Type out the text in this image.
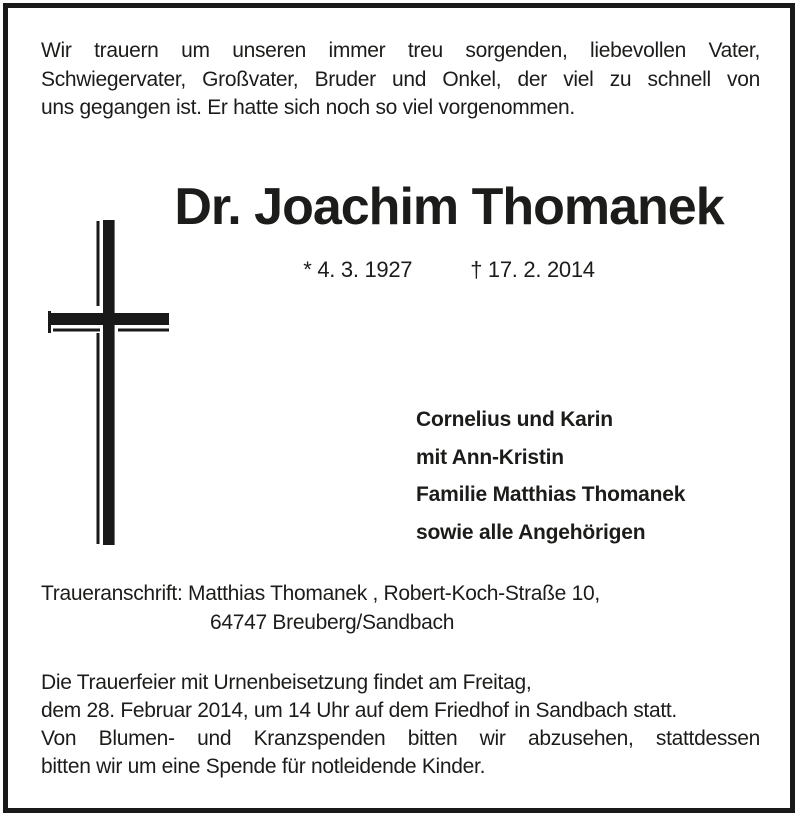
Wir trauern um unseren immer treu sorgenden, liebevollen Vater,
Schwiegervater, Großvater, Bruder und Onkel, der viel zu schnell von
uns gegangen ist. Er hatte sich noch so viel vorgenommen.
Dr. Joachim Thomanek
* 4. 3. 1927	† 17. 2. 2014
Cornelius und Karin
mit Ann-Kristin
Familie Matthias Thomanek
sowie alle Angehörigen
Traueranschrift: Matthias Thomanek , Robert-Koch-Straße 10,
64747 Breuberg/Sandbach
Die Trauerfeier mit Urnenbeisetzung findet am Freitag,
dem 28. Februar 2014, um 14 Uhr auf dem Friedhof in Sandbach statt.
Von Blumen- und Kranzspenden bitten wir abzusehen, stattdessen
bitten wir um eine Spende für notleidende Kinder.
